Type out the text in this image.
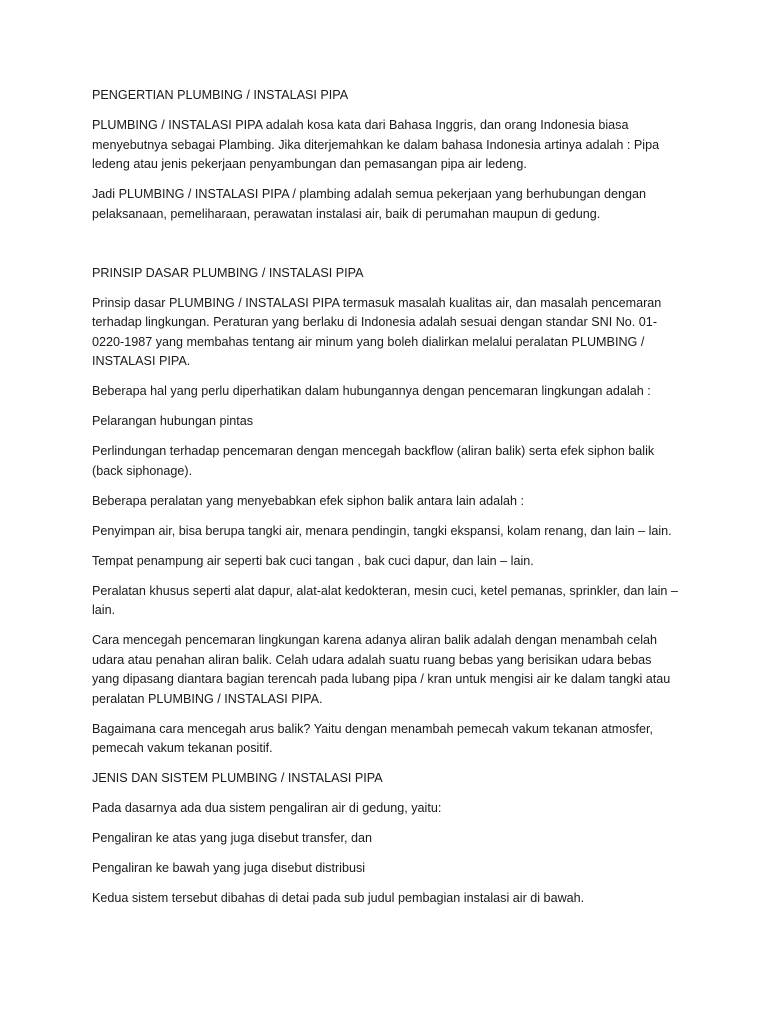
PENGERTIAN PLUMBING / INSTALASI PIPA

PLUMBING / INSTALASI PIPA adalah kosa kata dari Bahasa Inggris, dan orang Indonesia biasa menyebutnya sebagai Plambing. Jika diterjemahkan ke dalam bahasa Indonesia artinya adalah : Pipa ledeng atau jenis pekerjaan penyambungan dan pemasangan pipa air ledeng.

Jadi PLUMBING / INSTALASI PIPA / plambing adalah semua pekerjaan yang berhubungan dengan pelaksanaan, pemeliharaan, perawatan instalasi air, baik di perumahan maupun di gedung.

PRINSIP DASAR PLUMBING / INSTALASI PIPA

Prinsip dasar PLUMBING / INSTALASI PIPA termasuk masalah kualitas air, dan masalah pencemaran terhadap lingkungan. Peraturan yang berlaku di Indonesia adalah sesuai dengan standar SNI No. 01-0220-1987 yang membahas tentang air minum yang boleh dialirkan melalui peralatan PLUMBING / INSTALASI PIPA.

Beberapa hal yang perlu diperhatikan dalam hubungannya dengan pencemaran lingkungan adalah :

Pelarangan hubungan pintas

Perlindungan terhadap pencemaran dengan mencegah backflow (aliran balik) serta efek siphon balik (back siphonage).

Beberapa peralatan yang menyebabkan efek siphon balik antara lain adalah :

Penyimpan air, bisa berupa tangki air, menara pendingin, tangki ekspansi, kolam renang, dan lain – lain.

Tempat penampung air seperti bak cuci tangan , bak cuci dapur, dan lain – lain.

Peralatan khusus seperti alat dapur, alat-alat kedokteran, mesin cuci, ketel pemanas, sprinkler, dan lain – lain.

Cara mencegah pencemaran lingkungan karena adanya aliran balik adalah dengan menambah celah udara atau penahan aliran balik. Celah udara adalah suatu ruang bebas yang berisikan udara bebas yang dipasang diantara bagian terencah pada lubang pipa / kran untuk mengisi air ke dalam tangki atau peralatan PLUMBING / INSTALASI PIPA.

Bagaimana cara mencegah arus balik? Yaitu dengan menambah pemecah vakum tekanan atmosfer, pemecah vakum tekanan positif.

JENIS DAN SISTEM PLUMBING / INSTALASI PIPA

Pada dasarnya ada dua sistem pengaliran air di gedung, yaitu:

Pengaliran ke atas yang juga disebut transfer, dan

Pengaliran ke bawah yang juga disebut distribusi

Kedua sistem tersebut dibahas di detai pada sub judul pembagian instalasi air di bawah.
